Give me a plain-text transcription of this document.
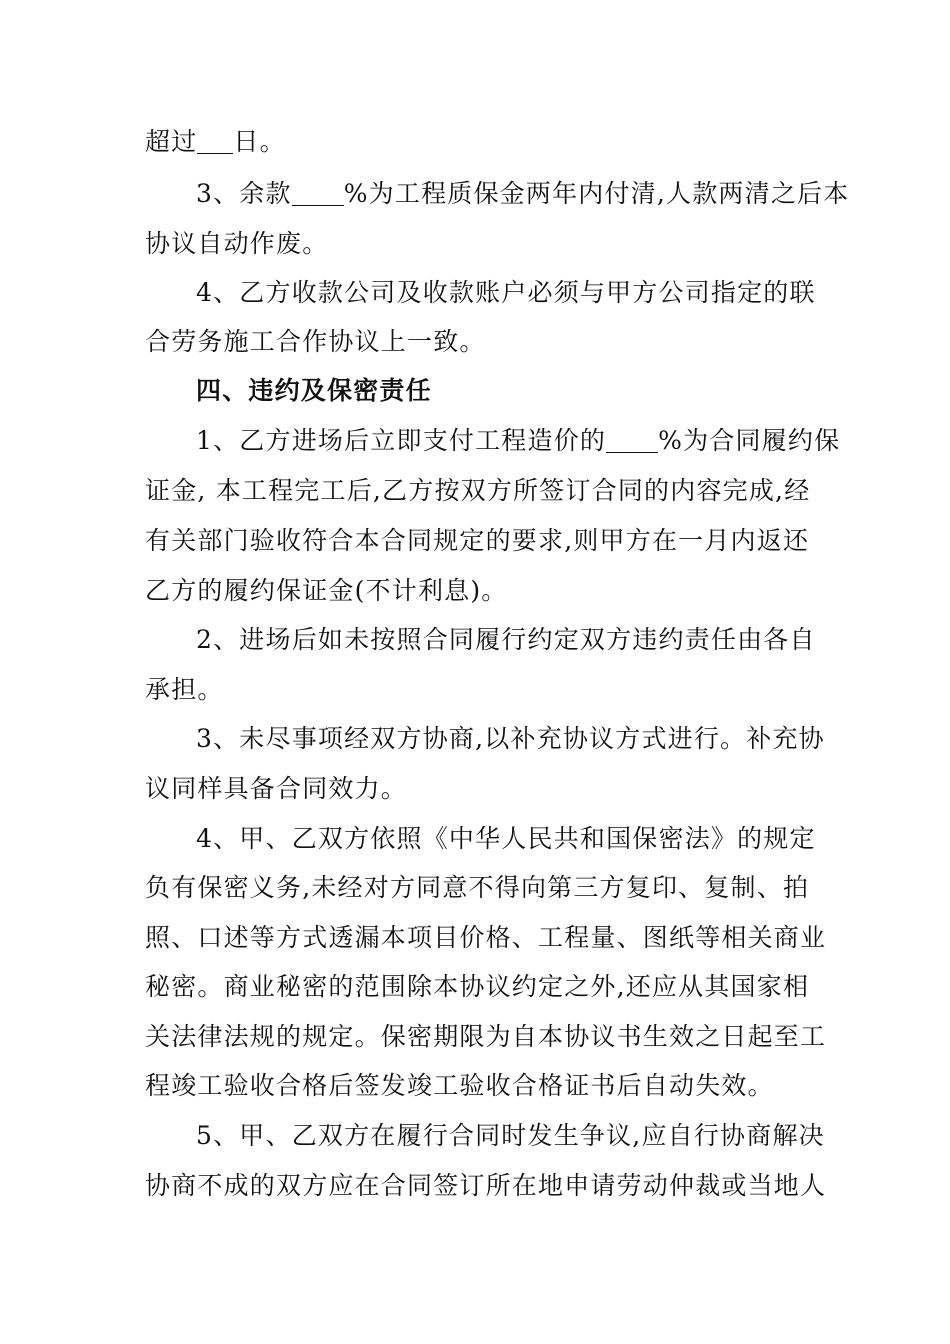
超过 日。
3、余款 %为工程质保金两年内付清,人款两清之后本
协议自动作废。
4、乙方收款公司及收款账户必须与甲方公司指定的联
合劳务施工合作协议上一致。
四、违约及保密责任
1、乙方进场后立即支付工程造价的 %为合同履约保
证金, 本工程完工后,乙方按双方所签订合同的内容完成,经
有关部门验收符合本合同规定的要求,则甲方在一月内返还
乙方的履约保证金(不计利息)。
2、进场后如未按照合同履行约定双方违约责任由各自
承担。
3、未尽事项经双方协商,以补充协议方式进行。补充协
议同样具备合同效力。
4、甲、乙双方依照《中华人民共和国保密法》的规定
负有保密义务,未经对方同意不得向第三方复印、复制、拍
照、口述等方式透漏本项目价格、工程量、图纸等相关商业
秘密。商业秘密的范围除本协议约定之外,还应从其国家相
关法律法规的规定。保密期限为自本协议书生效之日起至工
程竣工验收合格后签发竣工验收合格证书后自动失效。
5、甲、乙双方在履行合同时发生争议,应自行协商解决
协商不成的双方应在合同签订所在地申请劳动仲裁或当地人
